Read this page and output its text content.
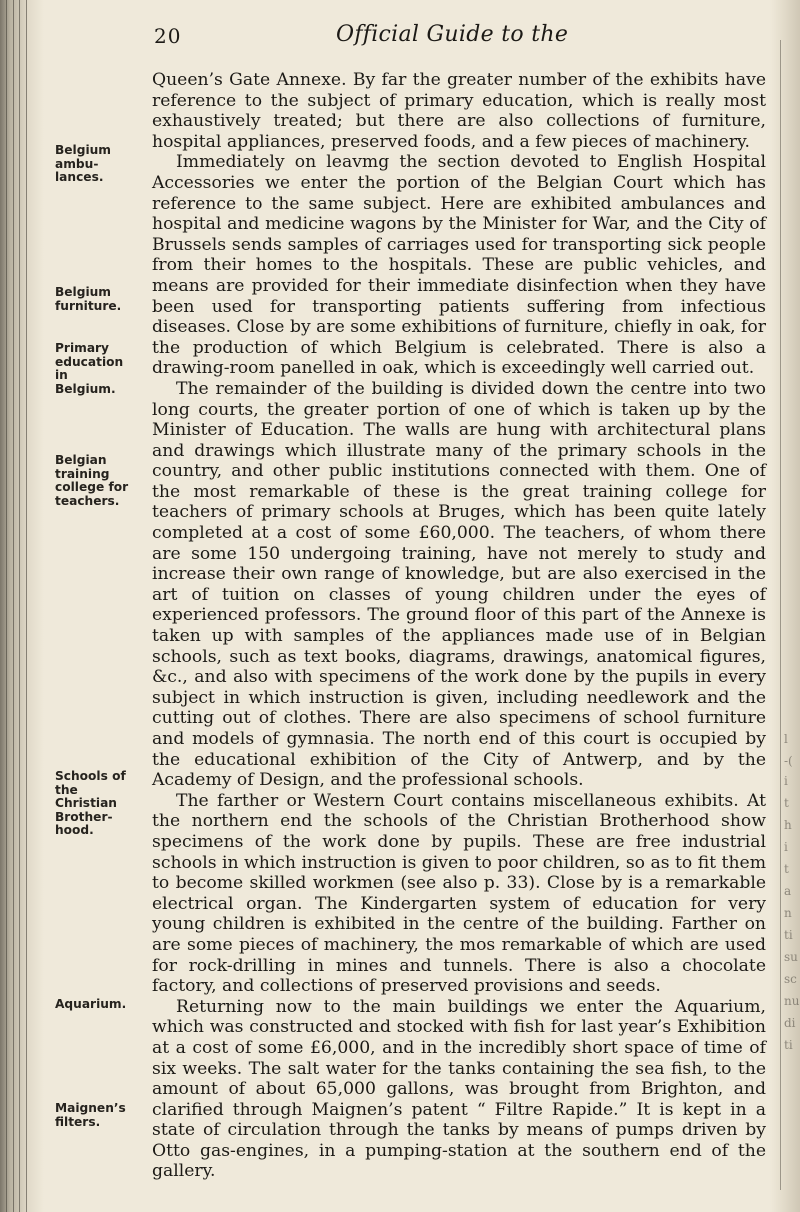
l
-(
i
t
h
i
t
a
n
ti
su
sc
nu
di
ti
20	Official Guide to the
Belgium
ambu-
lances.
Belgium
furniture.
Primary
education
in
Belgium.
Belgian
training
college for
teachers.
Schools of
the
Christian
Brother-
hood.
Aquarium.
Maignen’s
filters.

Queen’s Gate Annexe. By far the greater number of the exhibits have reference to the subject of primary education, which is really most exhaustively treated; but there are also collections of furniture, hospital appliances, preserved foods, and a few pieces of machinery.

Immediately on leavmg the section devoted to English Hospital Accessories we enter the portion of the Belgian Court which has reference to the same subject. Here are exhibited ambulances and hospital and medicine wagons by the Minister for War, and the City of Brussels sends samples of carriages used for transporting sick people from their homes to the hospitals. These are public vehicles, and means are provided for their immediate disinfection when they have been used for transporting patients suffering from infectious diseases. Close by are some exhibitions of furniture, chiefly in oak, for the production of which Belgium is celebrated. There is also a drawing-room panelled in oak, which is exceedingly well carried out.

The remainder of the building is divided down the centre into two long courts, the greater portion of one of which is taken up by the Minister of Education. The walls are hung with architectural plans and drawings which illustrate many of the primary schools in the country, and other public institutions connected with them. One of the most remarkable of these is the great training college for teachers of primary schools at Bruges, which has been quite lately completed at a cost of some £60,000. The teachers, of whom there are some 150 undergoing training, have not merely to study and increase their own range of knowledge, but are also exercised in the art of tuition on classes of young children under the eyes of experienced professors. The ground floor of this part of the Annexe is taken up with samples of the appliances made use of in Belgian schools, such as text books, diagrams, drawings, anatomical figures, &c., and also with specimens of the work done by the pupils in every subject in which instruction is given, including needlework and the cutting out of clothes. There are also specimens of school furniture and models of gymnasia. The north end of this court is occupied by the educational exhibition of the City of Antwerp, and by the Academy of Design, and the professional schools.

The farther or Western Court contains miscellaneous exhibits. At the northern end the schools of the Christian Brotherhood show specimens of the work done by pupils. These are free industrial schools in which instruction is given to poor children, so as to fit them to become skilled workmen (see also p. 33). Close by is a remarkable electrical organ. The Kindergarten system of education for very young children is exhibited in the centre of the building. Farther on are some pieces of machinery, the mos remarkable of which are used for rock-drilling in mines and tunnels. There is also a chocolate factory, and collections of preserved provisions and seeds.

Returning now to the main buildings we enter the Aquarium, which was constructed and stocked with fish for last year’s Exhibition at a cost of some £6,000, and in the incredibly short space of time of six weeks. The salt water for the tanks containing the sea fish, to the amount of about 65,000 gallons, was brought from Brighton, and clarified through Maignen’s patent “ Filtre Rapide.” It is kept in a state of circulation through the tanks by means of pumps driven by Otto gas-engines, in a pumping-station at the southern end of the gallery.
